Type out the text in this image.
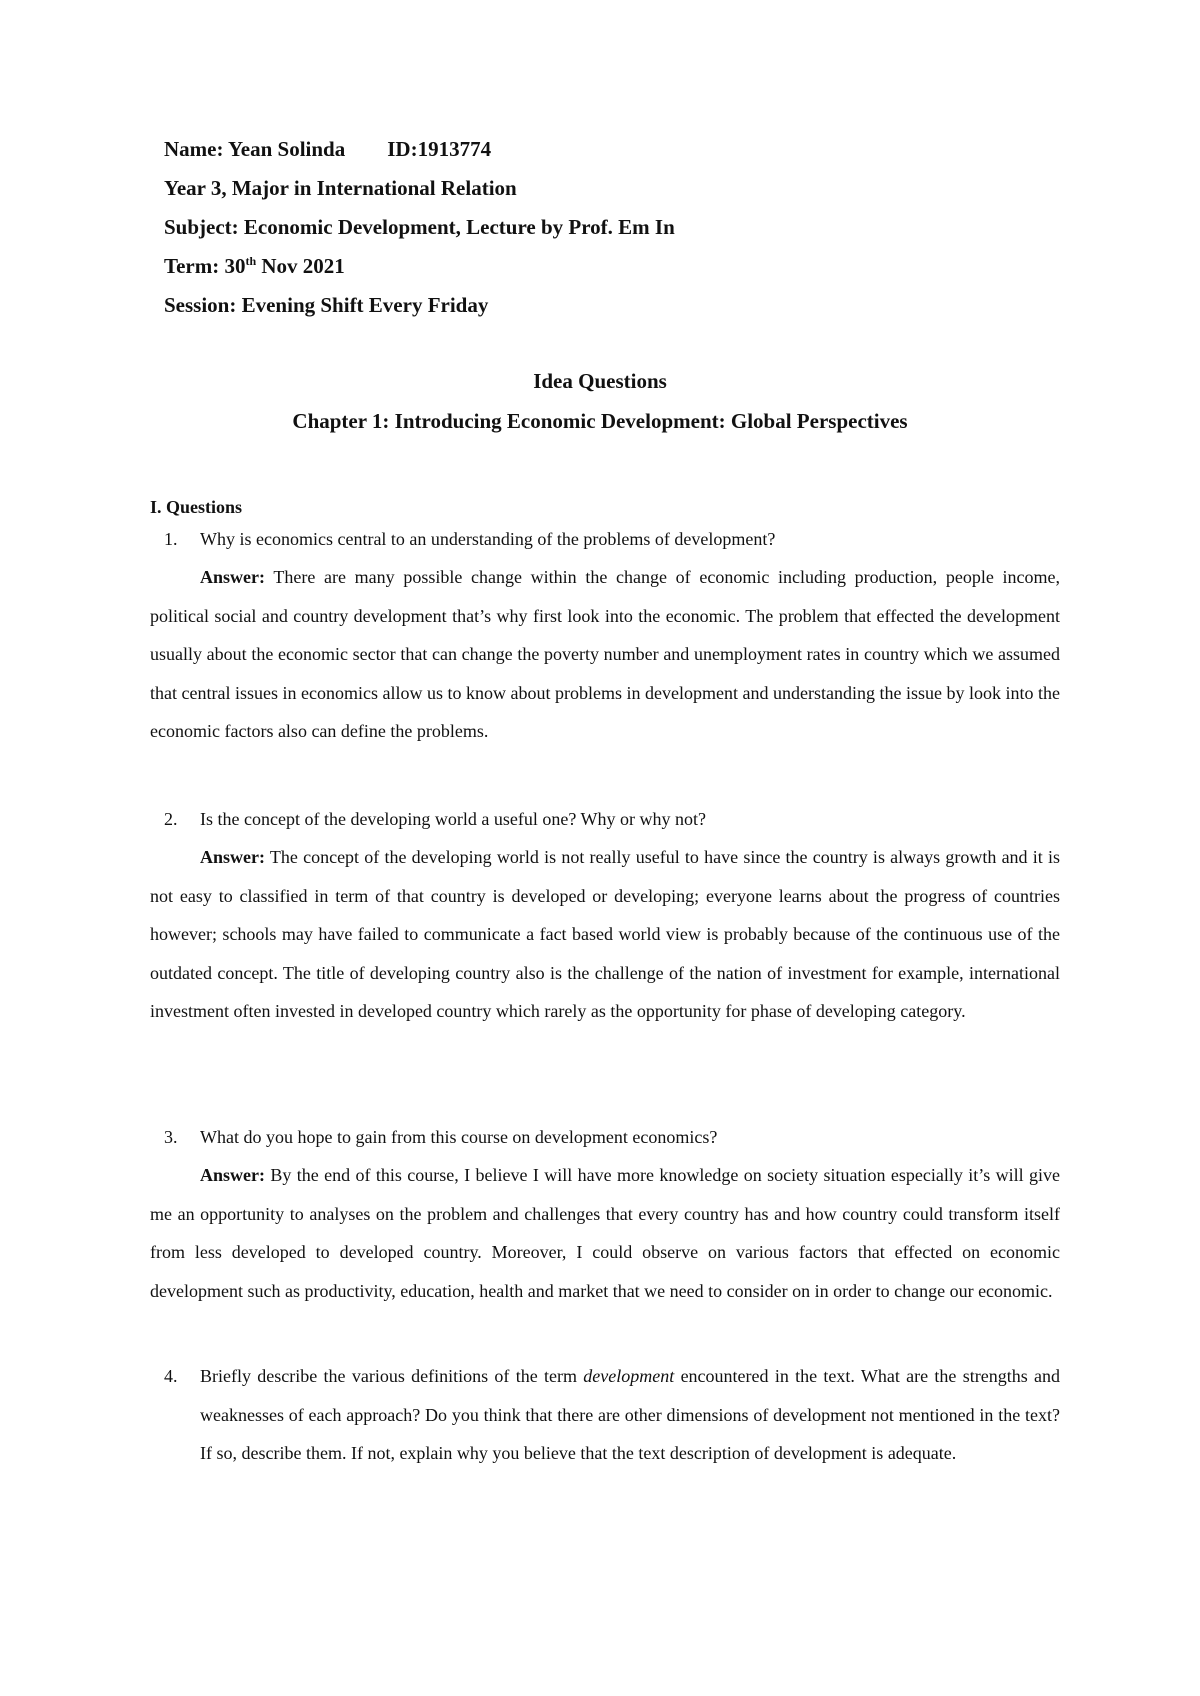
Name: Yean Solinda ID:1913774
Year 3, Major in International Relation
Subject: Economic Development, Lecture by Prof. Em In
Term: 30th Nov 2021
Session: Evening Shift Every Friday
Idea Questions
Chapter 1: Introducing Economic Development: Global Perspectives
I. Questions
1. Why is economics central to an understanding of the problems of development?
Answer: There are many possible change within the change of economic including production, people income, political social and country development that’s why first look into the economic. The problem that effected the development usually about the economic sector that can change the poverty number and unemployment rates in country which we assumed that central issues in economics allow us to know about problems in development and understanding the issue by look into the economic factors also can define the problems.
2. Is the concept of the developing world a useful one? Why or why not?
Answer: The concept of the developing world is not really useful to have since the country is always growth and it is not easy to classified in term of that country is developed or developing; everyone learns about the progress of countries however; schools may have failed to communicate a fact based world view is probably because of the continuous use of the outdated concept. The title of developing country also is the challenge of the nation of investment for example, international investment often invested in developed country which rarely as the opportunity for phase of developing category.
3. What do you hope to gain from this course on development economics?
Answer: By the end of this course, I believe I will have more knowledge on society situation especially it’s will give me an opportunity to analyses on the problem and challenges that every country has and how country could transform itself from less developed to developed country. Moreover, I could observe on various factors that effected on economic development such as productivity, education, health and market that we need to consider on in order to change our economic.
4. Briefly describe the various definitions of the term development encountered in the text. What are the strengths and weaknesses of each approach? Do you think that there are other dimensions of development not mentioned in the text? If so, describe them. If not, explain why you believe that the text description of development is adequate.
